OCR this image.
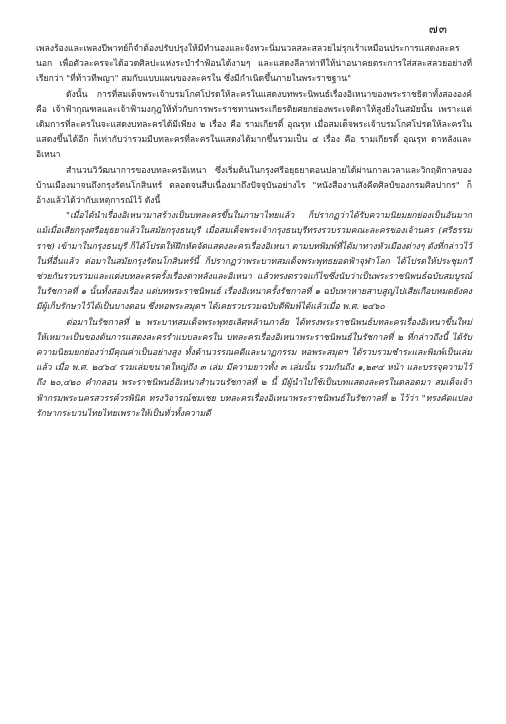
๗๓

เพลงร้องและเพลงปีพาทย์ก็จำต้องปรับปรุงให้มีทำนองและจังหวะนิ่มนวลสละสลวยไม่รุกเร้าเหมือนประการแสดงละครนอก เพื่อตัวละครจะได้อวดศิลปะแห่งระบำรำฟ้อนได้งามๆ และแสดงลีลาท่าทีให้น่าอนาคยตระการใส่สละสลวยอย่างที่เรียกว่า "ที่ท้าวทีพญา" สมกับแบบแผนของละครใน ซึ่งมีกำเนิดขึ้นภายในพระราชฐาน"

ดังนั้น การที่สมเด็จพระเจ้าบรมโกศโปรดให้ละครในแสดงบทพระนิพนธ์เรื่องอิเหนาของพระราชธิดาทั้งสององค์คือ เจ้าฟ้ากุณฑลและเจ้าฟ้ามงกุฎให้ทั่วกับการพระราชทานพระเกียรติยศยกย่องพระเจดิดาให้สูงยิ่งในสมัยนั้น เพราะแต่เดิมการที่ละครในจะแสดงบทละครได้มีเพียง ๒ เรื่อง คือ รามเกียรติ์ อุณรุท เมื่อสมเด็จพระเจ้าบรมโกศโปรดให้ละครในแสดงขึ้นได้อีก ก็เท่ากับว่ารวมมีบทละครที่ละครในแสดงได้มากขึ้นรวมเป็น ๔ เรื่อง คือ รามเกียรติ์ อุณรุท ดาหลังและอิเหนา

สำนวนวิวัฒนาการของบทละครอิเหนา ซึ่งเริ่มต้นในกรุงศรีอยุธยาตอนปลายได้ผ่านกาลเวลาและวิกฤติกาลของบ้านเมืองมาจนถึงกรุงรัตนโกสินทร์ ตลอดจนสืบเนื่องมาถึงปัจจุบันอย่างไร "หนังสืองานสังคีตศิลป์ของกรมศิลปากร" ก็อ้างแล้วได้ว่ากับเหตุการณ์ไว้ ดังนี้

"เมื่อได้นำเรื่องอิเหนามาสร้างเป็นบทละครขึ้นในภาษาไทยแล้ว ก็ปรากฏว่าได้รับความนิยมยกย่องเป็นอันมาก แม้เมื่อเสียกรุงศรีอยุธยาแล้วในสมัยกรุงธนบุรี เมื่อสมเด็จพระเจ้ากรุงธนบุรีทรงรวบรวมคณะละครของเจ้านคร (ศรีธรรมราช) เข้ามาในกรุงธนบุรี ก็ได้โปรดให้ฝึกหัดจัดแสดงละครเรื่องอิเหนา ตามบทพิมพ์ที่ได้มาทางหัวเมืองต่างๆ ดังที่กล่าวไว้ในที่อื่นแล้ว ต่อมาในสมัยกรุงรัตนโกสินทร์นี้ ก็ปรากฏว่าพระบาทสมเด็จพระพุทธยอดฟ้าจุฬาโลก ได้โปรดให้ประชุมกวีช่วยกันรวบรวมและแต่งบทละครครั้งเรื่องดาหลังและอิเหนา แล้วทรงตรวจแก้ไขซึ่งนับว่าเป็นพระราชนิพนธ์ฉบับสมบูรณ์ในรัชกาลที่ ๑ นั้นทั้งสองเรื่อง แต่บทพระราชนิพนธ์ เรื่องอิเหนาครั้งรัชกาลที่ ๑ ฉบับหาหายสาบสูญไปเสียเกือบหมดยังคงมีผู้เก็บรักษาไว้ได้เป็นบางตอน ซึ่งหอพระสมุดฯ ได้เคยรวบรวมฉบับตีพิมพ์ได้แล้วเมื่อ พ.ศ. ๒๔๖๐

ต่อมาในรัชกาลที่ ๒ พระบาทสมเด็จพระพุทธเลิศหล้านภาลัย ได้ทรงพระราชนิพนธ์บทละครเรื่องอิเหนาขึ้นใหม่ ให้เหมาะเป็นของต้นการแสดงละครรำแบบละครใน บทละครเรื่องอิเหนาพระราชนิพนธ์ในรัชกาลที่ ๒ ที่กล่าวถึงนี้ ได้รับความนิยมยกย่องว่ามีคุณค่าเป็นอย่างสูง ทั้งด้านวรรณคดีและนาฏกรรม หอพระสมุดฯ ได้รวบรวมชำระและพิมพ์เป็นเล่มแล้ว เมื่อ พ.ศ. ๒๔๖๔ รวมเล่มขนาดใหญ่ถึง ๓ เล่ม มีความยาวทั้ง ๓ เล่มนั้น รวมกันถึง ๑,๒๙๔ หน้า และบรรจุความไว้ถึง ๒๐,๔๒๐ คำกลอน พระราชนิพนธ์อิเหนาสำนวนรัชกาลที่ ๒ นี้ มีผู้นำไปใช้เป็นบทแสดงละครในตลอดมา สมเด็จเจ้าฟ้ากรมพระนครสวรรค์วรพินิต ทรงวิจารณ์ชมเชย บทละครเรื่องอิเหนาพระราชนิพนธ์ในรัชกาลที่ ๒ ไว้ว่า "ทรงคัดแปลงรักษากระบวนไทยไทยเพราะให้เป็นทั่วทั้งความดี
